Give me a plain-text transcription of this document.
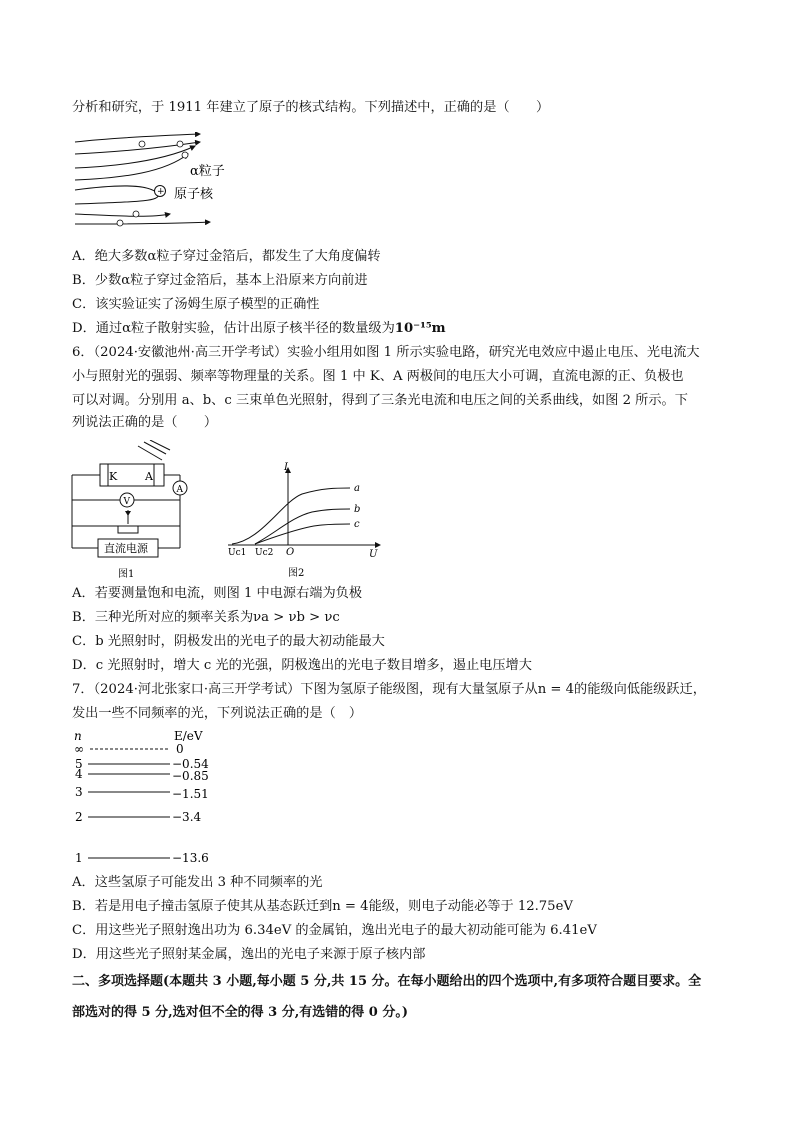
分析和研究，于 1911 年建立了原子的核式结构。下列描述中，正确的是（　　）
+
α粒子
原子核
A．绝大多数α粒子穿过金箔后，都发生了大角度偏转
B．少数α粒子穿过金箔后，基本上沿原来方向前进
C．该实验证实了汤姆生原子模型的正确性
D．通过α粒子散射实验，估计出原子核半径的数量级为10⁻¹⁵m
6．（2024·安徽池州·高三开学考试）实验小组用如图 1 所示实验电路，研究光电效应中遏止电压、光电流大
小与照射光的强弱、频率等物理量的关系。图 1 中 K、A 两极间的电压大小可调，直流电源的正、负极也
可以对调。分别用 a、b、c 三束单色光照射，得到了三条光电流和电压之间的关系曲线，如图 2 所示。下
列说法正确的是（　　）
K	A
V
A
直流电源
图1
I
U
O
Uc1 Uc2
a
b
c
图2
A．若要测量饱和电流，则图 1 中电源右端为负极
B．三种光所对应的频率关系为νa > νb > νc
C．b 光照射时，阴极发出的光电子的最大初动能最大
D．c 光照射时，增大 c 光的光强，阴极逸出的光电子数目增多，遏止电压增大
7．（2024·河北张家口·高三开学考试）下图为氢原子能级图，现有大量氢原子从n = 4的能级向低能级跃迁，
发出一些不同频率的光，下列说法正确的是（　）
n	E/eV
∞	0
5	−0.54
4	−0.85
3	−1.51
2	−3.4
1	−13.6
A．这些氢原子可能发出 3 种不同频率的光
B．若是用电子撞击氢原子使其从基态跃迁到n = 4能级，则电子动能必等于 12.75eV
C．用这些光子照射逸出功为 6.34eV 的金属铂，逸出光电子的最大初动能可能为 6.41eV
D．用这些光子照射某金属，逸出的光电子来源于原子核内部
二、多项选择题(本题共 3 小题,每小题 5 分,共 15 分。在每小题给出的四个选项中,有多项符合题目要求。全
部选对的得 5 分,选对但不全的得 3 分,有选错的得 0 分。)
